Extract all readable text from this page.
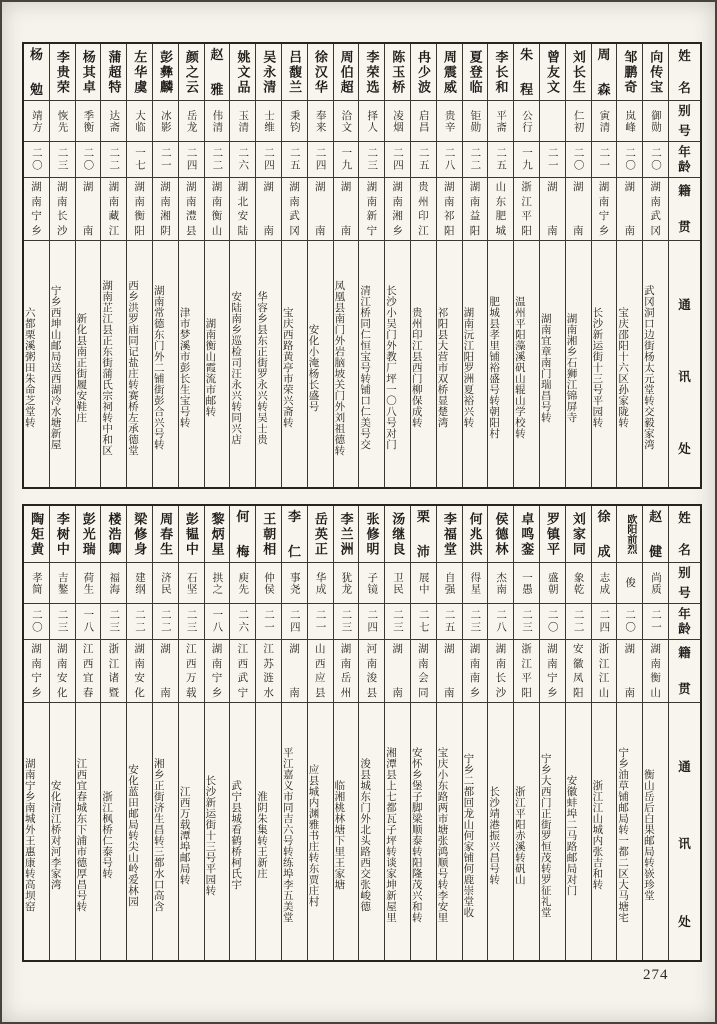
姓
名
别
号
年
龄
籍
贯
通
讯
处
向传宝
御勋
二〇
湖
南
武
冈
武冈洞口边街杨太元堂转交毅家湾
邹鹏奇
岚峰
二〇
湖
南
宝庆邵阳十六区孙家陇转
周
森
寅清
二一
湖
南
宁
乡
长沙新运街十三号平园转
刘长生
仁初
二〇
湖
南
湖南湘乡石狮江锦屏寺
曾友文
二一
湖
南
湖南宜章南门瑞昌号转
朱
程
公行
一九
浙
江
平
阳
温州平阳藻溪矾山辊山学校转
李长和
平斋
二五
山
东
肥
城
肥城县孝里铺裕盛号转朝阳村
夏登临
钜勋
二二
湖
南
益
阳
湖南沅江阳罗洲夏裕兴转
周震威
贵辛
二八
湖
南
祁
阳
祁阳县大营市双桥显楚湾
冉少波
启昌
二五
贵
州
印
江
贵州印江县西门柳保成转
陈玉桥
凌烟
二四
湖
南
湘
乡
长沙小吴门外教厂坪一〇八号对门
李荣选
择人
二三
湖
南
新
宁
清江桥同仁恒宝号转铺口仁美号交
周伯超
洽文
一九
湖
南
凤凰县南门外岩脑坡关门外刘祖德转
徐汉华
奉来
二四
湖
南
安化小淹杨长盛号
吕馥兰
秉钧
二五
湖
南
武
冈
宝庆西路黄亭市荣兴斋转
吴永清
士维
二四
湖
南
华容乡县东正街罗永兴转吴士贵
姚文品
玉清
二六
湖
北
安
陆
安陆南乡巡检司汪永兴转同兴店
赵
雅
伟清
二二
湖
南
衡
山
湖南衡山霞流市邮转
颜之云
岳龙
二四
湖
南
澧
县
津市梦溪市彭长生宝号转
彭彝麟
冰影
二一
湖
南
湘
阴
湖南常德东门外二铺街彭合兴号转
左华虞
大临
一七
湖
南
衡
阳
西乡洪罗庙同记盐庄转赛桥左承德堂
蒲超特
达斋
二二
湖
南
藏
江
湖南芷江县正东街蒲氏宗祠转中和区
杨其卓
季衡
二〇
湖
南
新化县南正街履安鞋庄
李贵荣
恢先
二三
湖
南
长
沙
宁乡西坤山邮局送西湖冷水塘新屋
杨
勉
靖方
二〇
湖
南
宁
乡
六都栗溪粥田朱命芝堂转
姓
名
别
号
年
龄
籍
贯
通
讯
处
赵
健
尚质
二一
湖
南
衡
山
衡山岳后白果邮局转嵚珍堂
欧阳前烈
俊
二〇
湖
南
宁乡油草铺邮局转一都二区大马塘宅
徐
成
志成
二四
浙
江
江
山
浙江江山城内张吉和转
刘家同
象乾
二二
安
徽
凤
阳
安徽蚌埠二马路邮局对门
罗镇平
盛朝
二〇
湖
南
宁
乡
宁乡大西门正街罗恒茂转罗征礼堂
卓鸣銮
一愚
二三
浙
江
平
阳
浙江平阳赤溪转矾山
侯德林
杰南
二八
湖
南
长
沙
长沙靖港振兴昌号转
何兆洪
得星
二三
湖
南
南
乡
宁乡二都回龙山何家铺何鹿崇堂收
李福堂
自强
二五
湖
南
宝庆小东路两市塘张鸿顺号转李安里
栗
沛
展中
二七
湖
南
会
同
安怀乡堡子脚梁顺泰转阳隆茂兴和转
汤继良
卫民
二三
湖
南
湘潭县上七都瓦子坪转谈家坤新屋里
张修明
子镜
二四
河
南
浚
县
浚县城东门外北头路西交张峻德
李兰洲
犹龙
二三
湖
南
岳
州
临湘桃林塘下里王家塘
岳英正
华成
二一
山
西
应
县
应县城内渊雅书庄转东贾庄村
李
仁
事尧
二四
湖
南
平江嘉义市同吉六号转练埠李五美堂
王朝相
仲侯
二一
江
苏
涟
水
淮阴朱集转王新庄
何
梅
庾先
二六
江
西
武
宁
武宁县城看鹤桥柯氏宇
黎炳星
拱之
一八
湖
南
宁
乡
长沙新运街十三号平园转
彭韫中
石坚
二三
江
西
万
载
江西万载潭埠邮局转
周春生
济民
二二
湖
南
湘乡正街济生昌转三都水口高含
梁修身
建纲
二二
湖
南
安
化
安化蓝田邮局转尖山岭爱林园
楼浩卿
福海
二三
浙
江
诸
暨
浙江枫桥仁泰号转
彭光瑞
荷生
一八
江
西
宜
春
江西宜春城东下浦市德厚昌号转
李树中
吉鏊
二三
湖
南
安
化
安化清江桥对河李家湾
陶矩黄
孝简
二〇
湖
南
宁
乡
湖南宁乡南城外王惠康转高坝窑
274
